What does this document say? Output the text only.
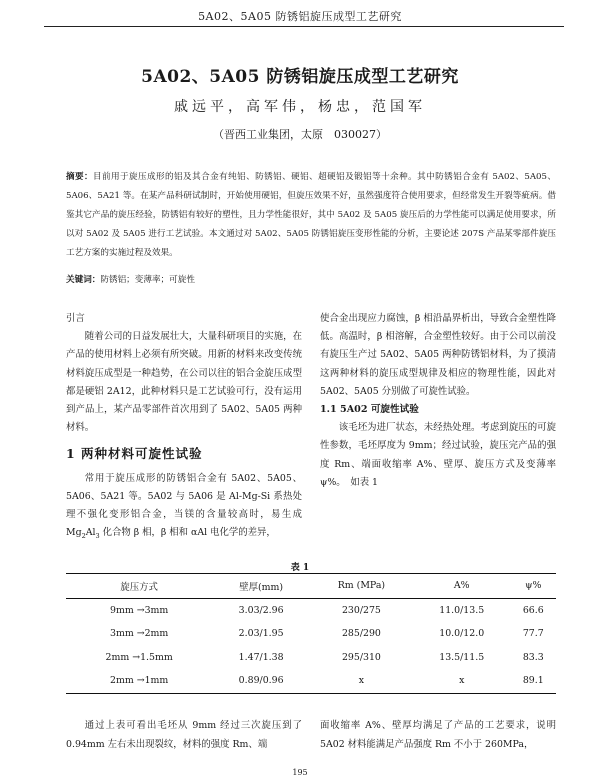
5A02、5A05 防锈铝旋压成型工艺研究
5A02、5A05 防锈铝旋压成型工艺研究
戚远平，高军伟，杨忠，范国军
（晋西工业集团，太原　030027）
摘要：目前用于旋压成形的铝及其合金有纯铝、防锈铝、硬铝、超硬铝及锻铝等十余种。其中防锈铝合金有 5A02、5A05、5A06、5A21 等。在某产品科研试制时，开始使用硬铝，但旋压效果不好，虽然强度符合使用要求，但经常发生开裂等疵病。借鉴其它产品的旋压经验，防锈铝有较好的塑性，且力学性能很好，其中 5A02 及 5A05 旋压后的力学性能可以满足使用要求，所以对 5A02 及 5A05 进行工艺试验。本文通过对 5A02、5A05 防锈铝旋压变形性能的分析，主要论述 207S 产品某零部件旋压工艺方案的实施过程及效果。
关键词：防锈铝；变薄率；可旋性
引言
随着公司的日益发展壮大，大量科研项目的实施，在产品的使用材料上必须有所突破。用新的材料来改变传统材料旋压成型是一种趋势，在公司以往的铝合金旋压成型都是硬铝 2A12，此种材料只是工艺试验可行，没有运用到产品上，某产品零部件首次用到了 5A02、5A05 两种材料。
1 两种材料可旋性试验
常用于旋压成形的防锈铝合金有 5A02、5A05、5A06、5A21 等。5A02 与 5A06 是 Al-Mg-Si 系热处理不强化变形铝合金，当镁的含量较高时，易生成 $Mg_2Al_3$ 化合物 β 相，β 相和 αAl 电化学的差异，
使合金出现应力腐蚀，β 相沿晶界析出，导致合金塑性降低。高温时，β 相溶解，合金塑性较好。由于公司以前没有旋压生产过 5A02、5A05 两种防锈铝材料，为了摸清这两种材料的旋压成型规律及相应的物理性能，因此对 5A02、5A05 分别做了可旋性试验。
1.1 5A02 可旋性试验
该毛坯为进厂状态，未经热处理。考虑到旋压的可旋性参数，毛坯厚度为 9mm；经过试验，旋压完产品的强度 Rm、端面收缩率 A%、壁厚、旋压方式及变薄率 ψ%。　如表 1
表 1
旋压方式	壁厚(mm)	Rm (MPa)	A%	ψ%
9mm →3mm	3.03/2.96	230/275	11.0/13.5	66.6
3mm →2mm	2.03/1.95	285/290	10.0/12.0	77.7
2mm →1.5mm	1.47/1.38	295/310	13.5/11.5	83.3
2mm →1mm	0.89/0.96	x	x	89.1
通过上表可看出毛坯从 9mm 经过三次旋压到了 0.94mm 左右未出现裂纹，材料的强度 Rm、端
面收缩率 A%、壁厚均满足了产品的工艺要求，说明 5A02 材料能满足产品强度 Rm 不小于 260MPa，
195
